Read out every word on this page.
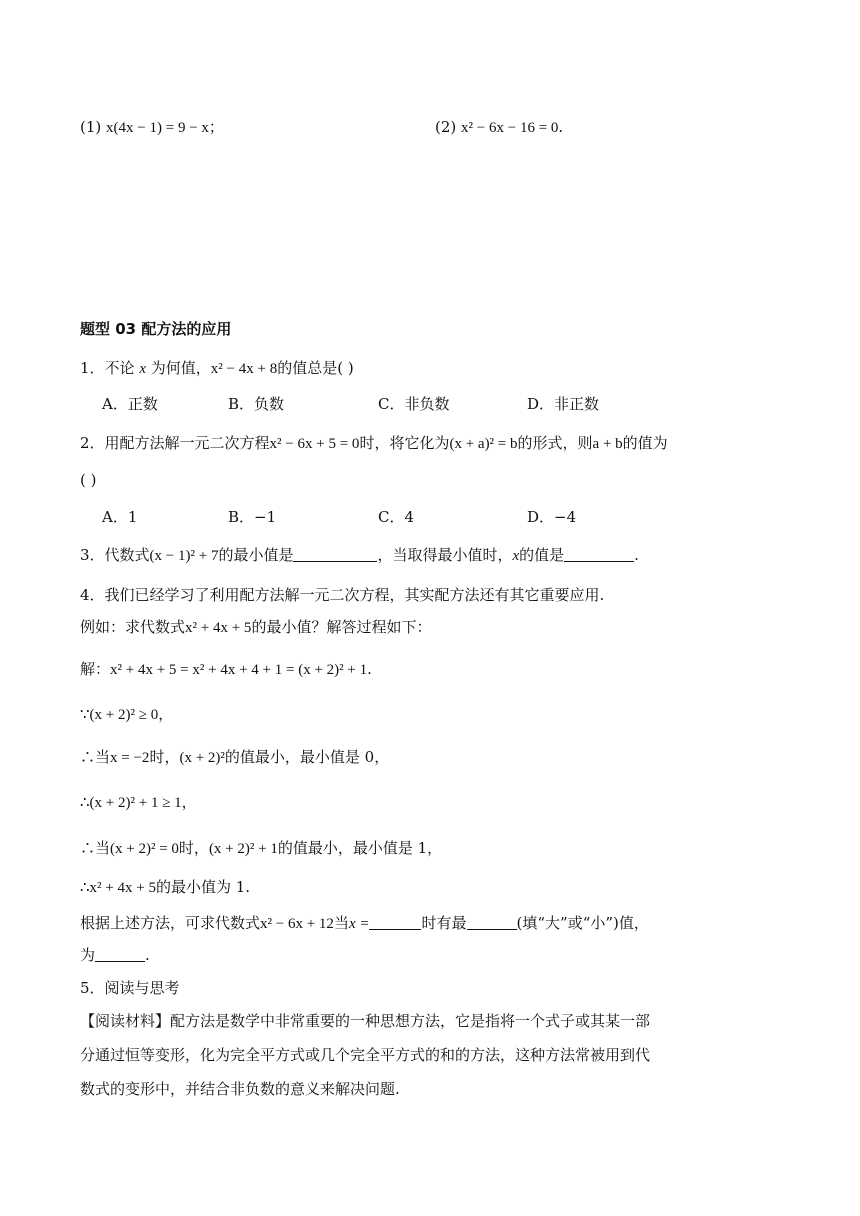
(1) x(4x − 1) = 9 − x；	(2) x² − 6x − 16 = 0.
题型 03 配方法的应用
1．不论 x 为何值，x² − 4x + 8的值总是( )
A．正数	B．负数	C．非负数	D．非正数
2．用配方法解一元二次方程x² − 6x + 5 = 0时，将它化为(x + a)² = b的形式，则a + b的值为
( )
A．1	B．−1	C．4	D．−4
3．代数式(x − 1)² + 7的最小值是	，当取得最小值时，x的值是	.
4．我们已经学习了利用配方法解一元二次方程，其实配方法还有其它重要应用.
例如：求代数式x² + 4x + 5的最小值？解答过程如下：
解：x² + 4x + 5 = x² + 4x + 4 + 1 = (x + 2)² + 1.
∵(x + 2)² ≥ 0，
∴当x = −2时，(x + 2)²的值最小，最小值是 0，
∴(x + 2)² + 1 ≥ 1，
∴当(x + 2)² = 0时，(x + 2)² + 1的值最小，最小值是 1，
∴x² + 4x + 5的最小值为 1.
根据上述方法，可求代数式x² − 6x + 12当x =	时有最	(填“大”或“小”)值，
为	.
5．阅读与思考
【阅读材料】配方法是数学中非常重要的一种思想方法，它是指将一个式子或其某一部
分通过恒等变形，化为完全平方式或几个完全平方式的和的方法，这种方法常被用到代
数式的变形中，并结合非负数的意义来解决问题.
